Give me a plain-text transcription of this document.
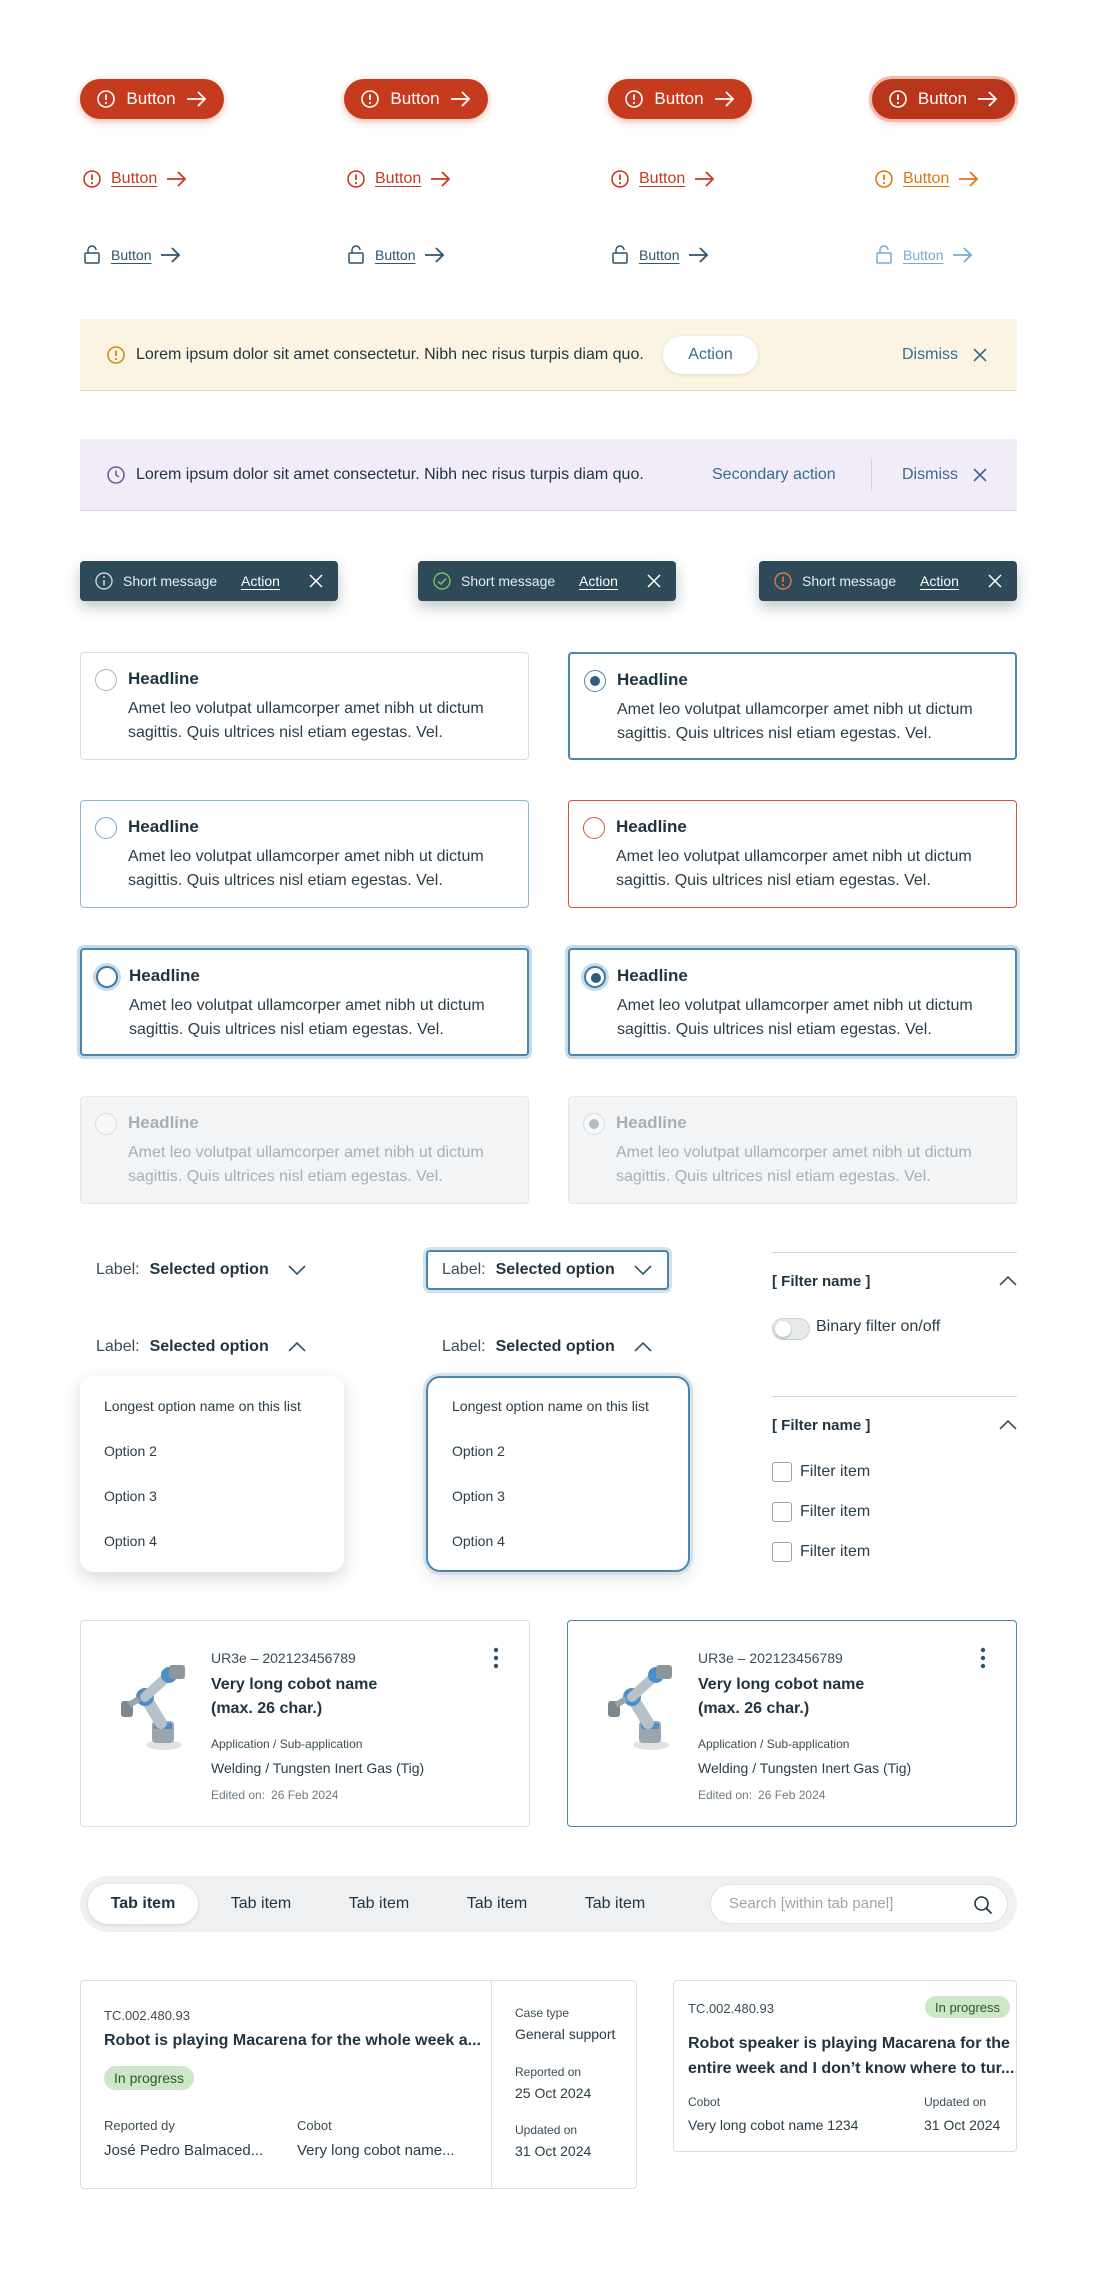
Button	Button	Button	Button
Button	Button	Button	Button
Button	Button	Button	Button
Lorem ipsum dolor sit amet consectetur. Nibh nec risus turpis diam quo.	Action	Dismiss
Lorem ipsum dolor sit amet consectetur. Nibh nec risus turpis diam quo.	Secondary action	Dismiss
Short message Action	Short message Action	Short message Action
Headline
Amet leo volutpat ullamcorper amet nibh ut dictum sagittis. Quis ultrices nisl etiam egestas. Vel.
Headline
Amet leo volutpat ullamcorper amet nibh ut dictum sagittis. Quis ultrices nisl etiam egestas. Vel.
Headline
Amet leo volutpat ullamcorper amet nibh ut dictum sagittis. Quis ultrices nisl etiam egestas. Vel.
Headline
Amet leo volutpat ullamcorper amet nibh ut dictum sagittis. Quis ultrices nisl etiam egestas. Vel.
Headline
Amet leo volutpat ullamcorper amet nibh ut dictum sagittis. Quis ultrices nisl etiam egestas. Vel.
Headline
Amet leo volutpat ullamcorper amet nibh ut dictum sagittis. Quis ultrices nisl etiam egestas. Vel.
Headline
Amet leo volutpat ullamcorper amet nibh ut dictum sagittis. Quis ultrices nisl etiam egestas. Vel.
Headline
Amet leo volutpat ullamcorper amet nibh ut dictum sagittis. Quis ultrices nisl etiam egestas. Vel.
Label: Selected option	Label: Selected option
Label: Selected option
Longest option name on this list
Option 2
Option 3
Option 4
Label: Selected option
Longest option name on this list
Option 2
Option 3
Option 4
[ Filter name ]
Binary filter on/off
[ Filter name ]
Filter item
Filter item
Filter item
UR3e – 202123456789
Very long cobot name
(max. 26 char.)
Application / Sub-application
Welding / Tungsten Inert Gas (Tig)
Edited on: 26 Feb 2024
UR3e – 202123456789
Very long cobot name
(max. 26 char.)
Application / Sub-application
Welding / Tungsten Inert Gas (Tig)
Edited on: 26 Feb 2024
Tab item	Tab item	Tab item	Tab item	Tab item
Search [within tab panel]
TC.002.480.93
Robot is playing Macarena for the whole week a...
In progress
Reported dy
José Pedro Balmaced...
Cobot
Very long cobot name...
Case type
General support
Reported on
25 Oct 2024
Updated on
31 Oct 2024
TC.002.480.93	In progress
Robot speaker is playing Macarena for the
entire week and I don’t know where to tur...
Cobot
Very long cobot name 1234
Updated on
31 Oct 2024
